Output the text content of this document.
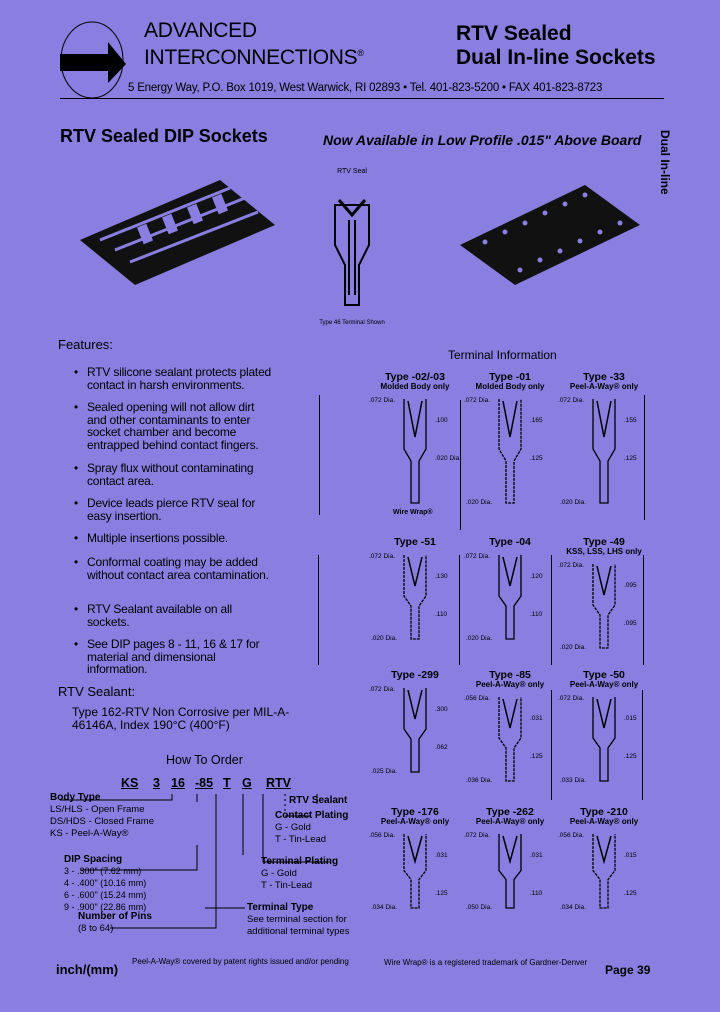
ADVANCED
INTERCONNECTIONS®
RTV Sealed
Dual In-line Sockets
5 Energy Way, P.O. Box 1019, West Warwick, RI 02893 • Tel. 401-823-5200 • FAX 401-823-8723
RTV Sealed DIP Sockets	Now Available in Low Profile .015" Above Board Dual In-line
RTV Seal
Type 46 Terminal Shown
Features:
• RTV silicone sealant protects plated contact in harsh environments.
• Sealed opening will not allow dirt and other contaminants to enter socket chamber and become entrapped behind contact fingers.
• Spray flux without contaminating contact area.
• Device leads pierce RTV seal for easy insertion.
• Multiple insertions possible.
• Conformal coating may be added without contact area contamination.
• RTV Sealant available on all sockets.
• See DIP pages 8 - 11, 16 & 17 for material and dimensional information.
RTV Sealant:
Type 162-RTV Non Corrosive per MIL-A-46146A, Index 190°C (400°F)
How To Order
KS 3 16 -85 T G RTV
Body Type
LS/HLS - Open Frame
DS/HDS - Closed Frame
KS - Peel-A-Way®
DIP Spacing
3 - .300" (7.62 mm)
4 - .400" (10.16 mm)
6 - .600" (15.24 mm)
9 - .900" (22.86 mm)
Number of Pins
(8 to 64)
RTV Sealant
Contact Plating
G - Gold
T - Tin-Lead
Terminal Plating
G - Gold
T - Tin-Lead
Terminal Type
See terminal section for
additional terminal types
Terminal Information
Type -02/-03
Molded Body only
.072 Dia.
.100
.020 Dia.
Wire Wrap®
Type -01
Molded Body only
.072 Dia.
.165
.125
.020 Dia.
Type -33
Peel-A-Way® only
.072 Dia.
.155
.125
.020 Dia.
Type -51
.072 Dia.
.130
.110
.020 Dia.
Type -04
.072 Dia.
.120
.110
.020 Dia.
Type -49
KSS, LSS, LHS only
.072 Dia.
.095
.095
.020 Dia.
Type -299
.072 Dia.
.300
.062
.025 Dia.
Type -85
Peel-A-Way® only
.056 Dia.
.031
.125
.036 Dia.
Type -50
Peel-A-Way® only
.072 Dia.
.015
.125
.033 Dia.
Type -176
Peel-A-Way® only
.056 Dia.
.031
.125
.034 Dia.
Type -262
Peel-A-Way® only
.072 Dia.
.031
.110
.050 Dia.
Type -210
Peel-A-Way® only
.056 Dia.
.015
.125
.034 Dia.
inch/(mm)
Peel-A-Way® covered by patent rights issued and/or pending	Wire Wrap® is a registered trademark of Gardner-Denver
Page 39
